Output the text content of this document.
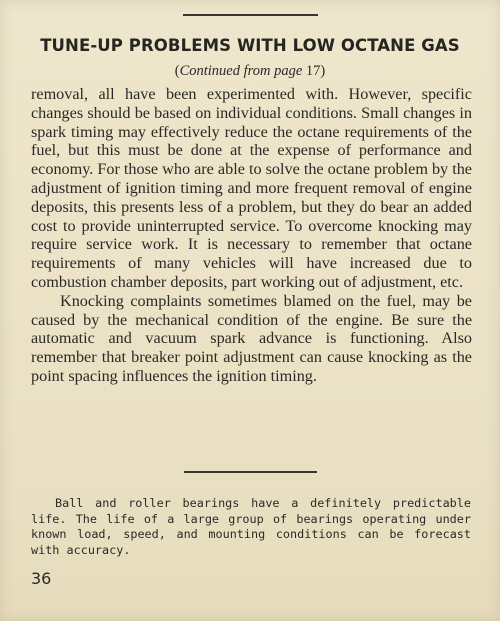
TUNE-UP PROBLEMS WITH LOW OCTANE GAS
(Continued from page 17)

removal, all have been experimented with. However, specific changes should be based on individual conditions. Small changes in spark timing may effectively reduce the octane requirements of the fuel, but this must be done at the expense of performance and economy. For those who are able to solve the octane problem by the adjustment of ignition timing and more frequent removal of engine deposits, this presents less of a problem, but they do bear an added cost to provide uninterrupted service. To overcome knocking may require service work. It is necessary to remember that octane requirements of many vehicles will have increased due to combustion chamber deposits, part working out of adjustment, etc.

Knocking complaints sometimes blamed on the fuel, may be caused by the mechanical condition of the engine. Be sure the automatic and vacuum spark advance is functioning. Also remember that breaker point adjustment can cause knocking as the point spacing influences the ignition timing.

Ball and roller bearings have a definitely predictable life. The life of a large group of bearings operating under known load, speed, and mounting conditions can be forecast with accuracy.

36
